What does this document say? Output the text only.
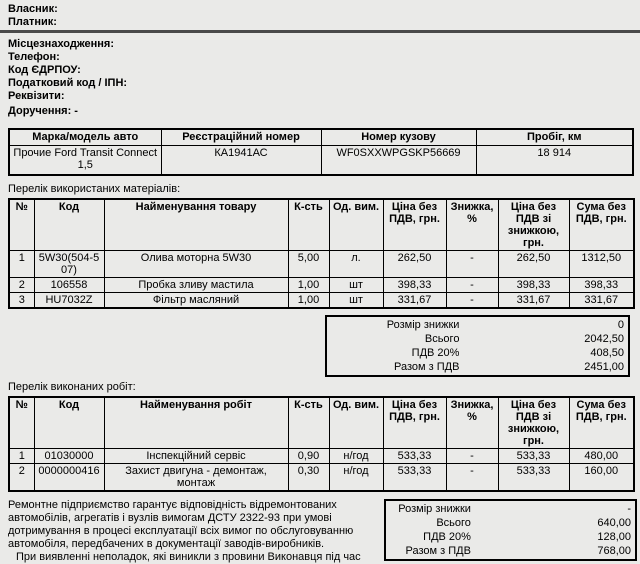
Власник:
Платник:
Місцезнаходження:
Телефон:
Код ЄДРПОУ:
Податковий код / ІПН:
Реквізити:
Доручення: -
Марка/модель авто	Реєстраційний номер	Номер кузову	Пробіг, км
Прочие Ford Transit Connect 1,5	КА1941АС	WF0SXXWPGSKP56669	18 914
Перелік використаних матеріалів:
№	Код	Найменування товару	К-сть	Од. вим.	Ціна без ПДВ, грн.	Знижка, %	Ціна без ПДВ зі знижкою, грн.	Сума без ПДВ, грн.
1	5W30(504-507)	Олива моторна 5W30	5,00	л.	262,50	-	262,50	1312,50
2	106558	Пробка зливу мастила	1,00	шт	398,33	-	398,33	398,33
3	HU7032Z	Фільтр масляний	1,00	шт	331,67	-	331,67	331,67
Розмір знижки	0
Всього	2042,50
ПДВ 20%	408,50
Разом з ПДВ	2451,00
Перелік виконаних робіт:
№	Код	Найменування робіт	К-сть	Од. вим.	Ціна без ПДВ, грн.	Знижка, %	Ціна без ПДВ зі знижкою, грн.	Сума без ПДВ, грн.
1	01030000	Інспекційний сервіс	0,90	н/год	533,33	-	533,33	480,00
2	0000000416	Захист двигуна - демонтаж, монтаж	0,30	н/год	533,33	-	533,33	160,00

Ремонтне підприємство гарантує відповідність відремонтованих автомобілів, агрегатів і вузлів вимогам ДСТУ 2322-93 при умові дотримування в процесі експлуатації всіх вимог по обслуговуванню автомобіля, передбачених в документації заводів-виробників.

При виявленні неполадок, які виникли з провини Виконавця під час

Розмір знижки	-
Всього	640,00
ПДВ 20%	128,00
Разом з ПДВ	768,00
